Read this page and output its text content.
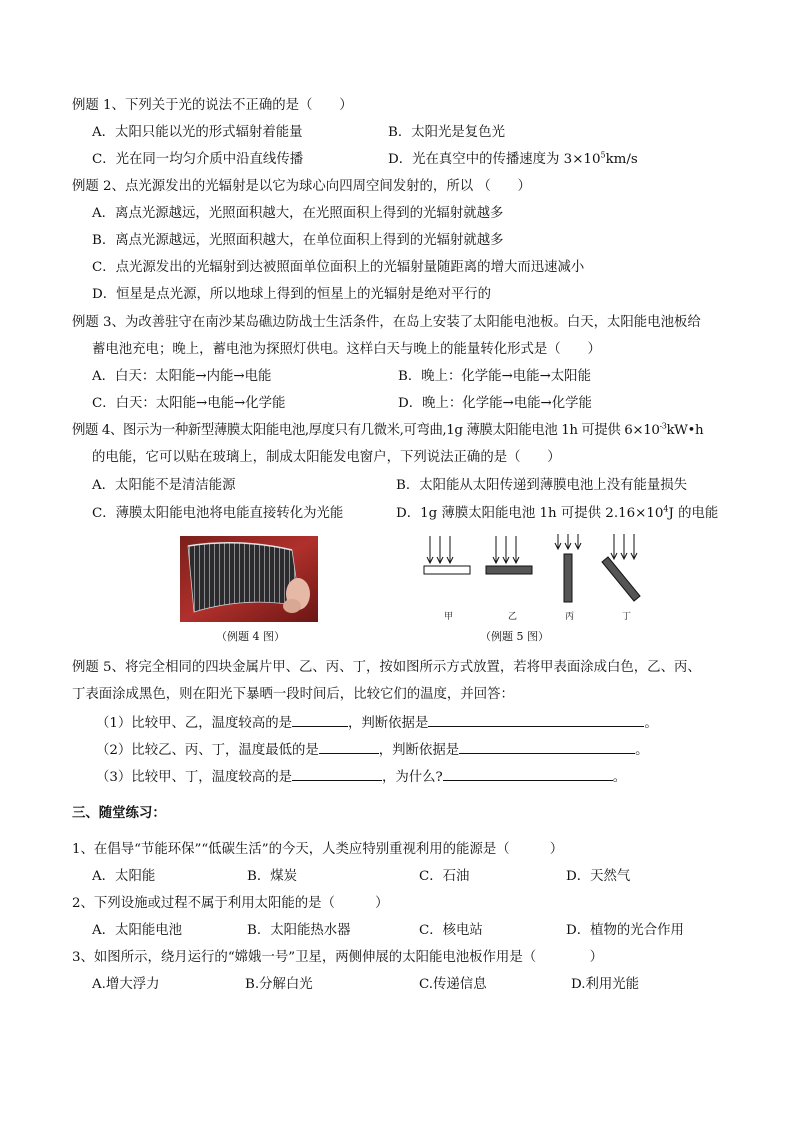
例题 1、下列关于光的说法不正确的是（　　）
A．太阳只能以光的形式辐射着能量	B．太阳光是复色光
C．光在同一均匀介质中沿直线传播	D．光在真空中的传播速度为 $3\times 10^5km/s$
例题 2、点光源发出的光辐射是以它为球心向四周空间发射的，所以 （　　）
A．离点光源越远，光照面积越大，在光照面积上得到的光辐射就越多
B．离点光源越远，光照面积越大，在单位面积上得到的光辐射就越多
C．点光源发出的光辐射到达被照面单位面积上的光辐射量随距离的增大而迅速减小
D．恒星是点光源，所以地球上得到的恒星上的光辐射是绝对平行的
例题 3、为改善驻守在南沙某岛礁边防战士生活条件，在岛上安装了太阳能电池板。白天，太阳能电池板给
蓄电池充电；晚上，蓄电池为探照灯供电。这样白天与晚上的能量转化形式是（　　）
A．白天：太阳能→内能→电能	B．晚上：化学能→电能→太阳能
C．白天：太阳能→电能→化学能	D．晚上：化学能→电能→化学能
例题 4、图示为一种新型薄膜太阳能电池,厚度只有几微米,可弯曲,1g 薄膜太阳能电池 1h 可提供 $6\times 10^{-3}kW•h$
的电能，它可以贴在玻璃上，制成太阳能发电窗户，下列说法正确的是（　　）
A．太阳能不是清洁能源	B．太阳能从太阳传递到薄膜电池上没有能量损失
C．薄膜太阳能电池将电能直接转化为光能	D．1g 薄膜太阳能电池 1h 可提供 $2.16\times 10^4J$ 的电能
甲	乙	丙	丁
（例题 4 图）	（例题 5 图）
例题 5、将完全相同的四块金属片甲、乙、丙、丁，按如图所示方式放置，若将甲表面涂成白色，乙、丙、
丁表面涂成黑色，则在阳光下暴晒一段时间后，比较它们的温度，并回答：
（1）比较甲、乙，温度较高的是	，判断依据是	。
（2）比较乙、丙、丁，温度最低的是	，判断依据是	。
（3）比较甲、丁，温度较高的是	，为什么?	。
三、随堂练习：
1、在倡导“节能环保”“低碳生活”的今天，人类应特别重视利用的能源是（　　　）
A．太阳能	B．煤炭	C．石油	D．天然气
2、下列设施或过程不属于利用太阳能的是（　　　）
A．太阳能电池	B．太阳能热水器	C．核电站	D．植物的光合作用
3、如图所示，绕月运行的“嫦娥一号”卫星，两侧伸展的太阳能电池板作用是（　　　　）
A.增大浮力	B.分解白光	C.传递信息	D.利用光能
